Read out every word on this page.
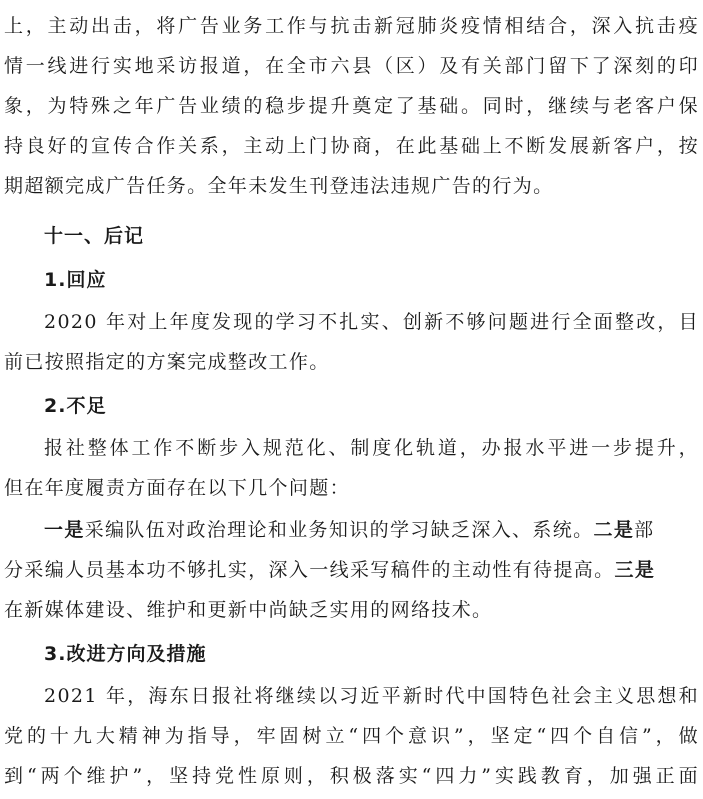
上，主动出击，将广告业务工作与抗击新冠肺炎疫情相结合，深入抗击疫
情一线进行实地采访报道，在全市六县（区）及有关部门留下了深刻的印
象，为特殊之年广告业绩的稳步提升奠定了基础。同时，继续与老客户保
持良好的宣传合作关系，主动上门协商，在此基础上不断发展新客户，按
期超额完成广告任务。全年未发生刊登违法违规广告的行为。
十一、后记
1.回应
2020 年对上年度发现的学习不扎实、创新不够问题进行全面整改，目
前已按照指定的方案完成整改工作。
2.不足
报社整体工作不断步入规范化、制度化轨道，办报水平进一步提升，
但在年度履责方面存在以下几个问题：
一是采编队伍对政治理论和业务知识的学习缺乏深入、系统。二是部
分采编人员基本功不够扎实，深入一线采写稿件的主动性有待提高。三是
在新媒体建设、维护和更新中尚缺乏实用的网络技术。
3.改进方向及措施
2021 年，海东日报社将继续以习近平新时代中国特色社会主义思想和
党的十九大精神为指导，牢固树立“四个意识”，坚定“四个自信”，做
到“两个维护”，坚持党性原则，积极落实“四力”实践教育，加强正面
